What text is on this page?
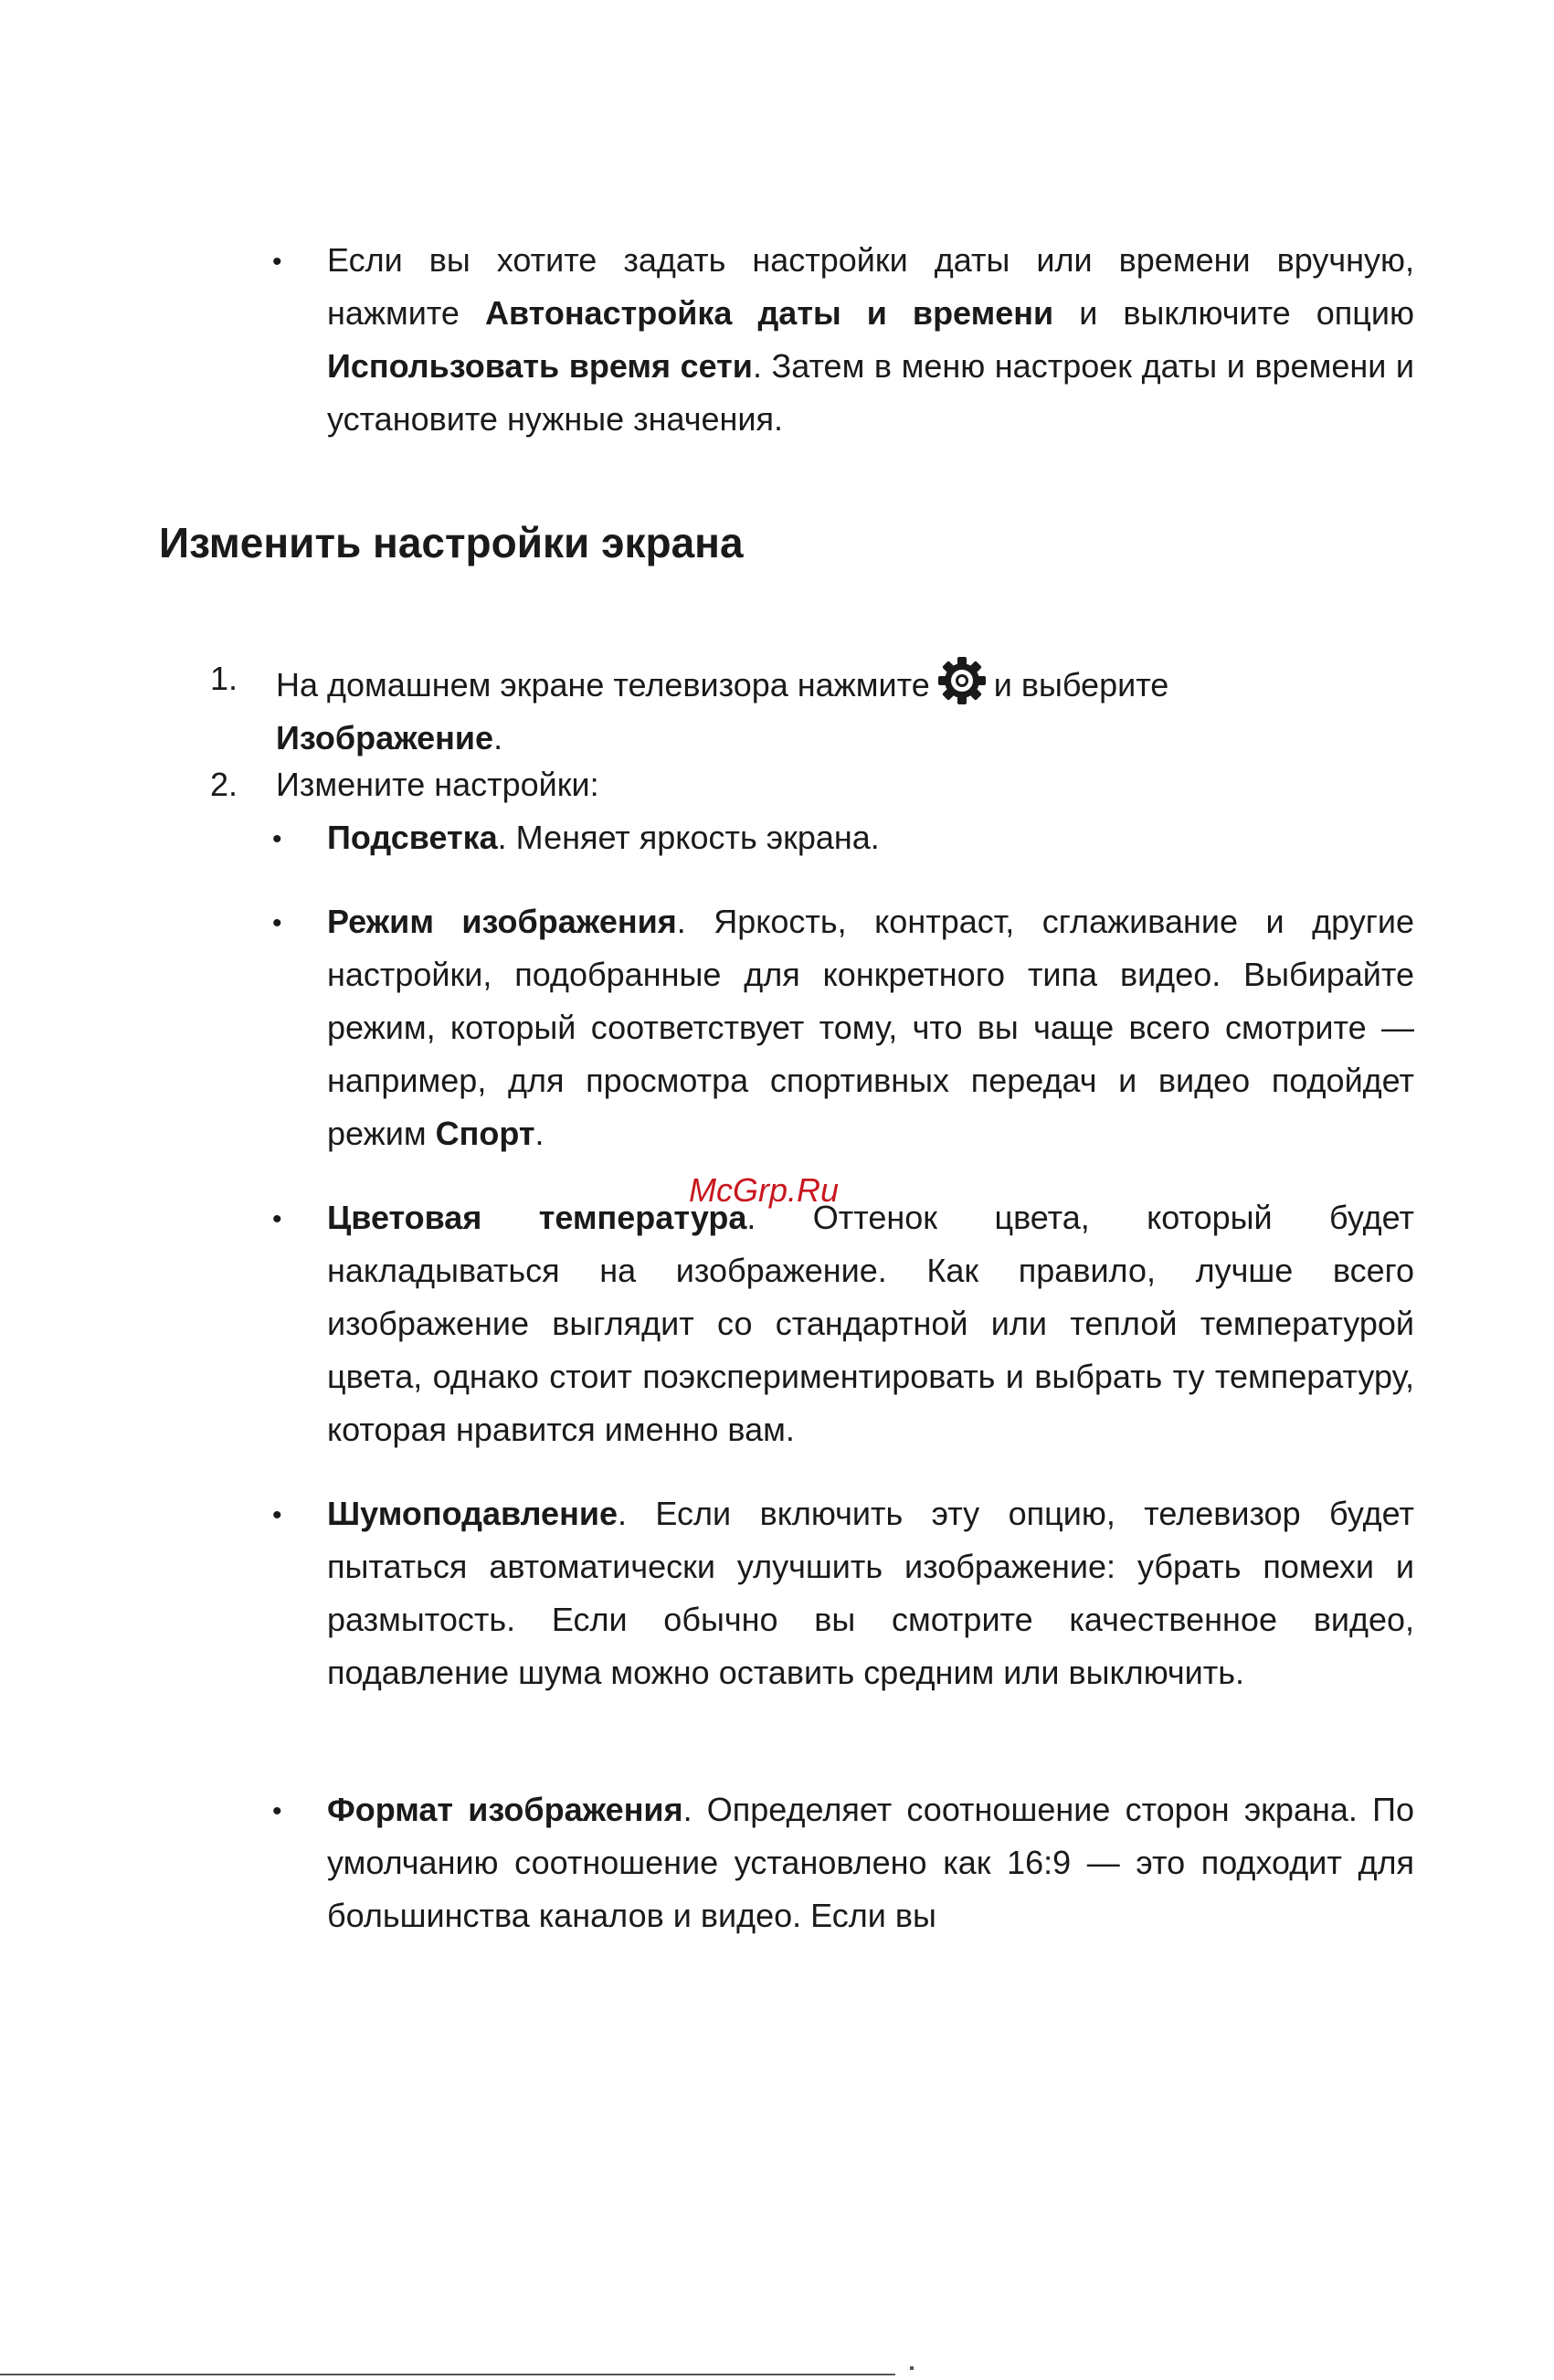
• Если вы хотите задать настройки даты или времени вручную, нажмите Автонастройка даты и времени и выключите опцию Использовать время сети. Затем в меню настроек даты и времени и установите нужные значения.

Изменить настройки экрана
1. На домашнем экране телевизора нажмите и выберите
Изображение.

2. Измените настройки:

• Подсветка. Меняет яркость экрана.

• Режим изображения. Яркость, контраст, сглаживание и другие настройки, подобранные для конкретного типа видео. Выбирайте режим, который соответствует тому, что вы чаще всего смотрите — например, для просмотра спортивных передач и видео подойдет режим Спорт.

McGrp.Ru
• Цветовая температура. Оттенок цвета, который будет накладываться на изображение. Как правило, лучше всего изображение выглядит со стандартной или теплой температурой цвета, однако стоит поэкспериментировать и выбрать ту температуру, которая нравится именно вам.

• Шумоподавление. Если включить эту опцию, телевизор будет пытаться автоматически улучшить изображение: убрать помехи и размытость. Если обычно вы смотрите качественное видео, подавление шума можно оставить средним или выключить.

• Формат изображения. Определяет соотношение сторон экрана. По умолчанию соотношение установлено как 16:9 — это подходит для большинства каналов и видео. Если вы
